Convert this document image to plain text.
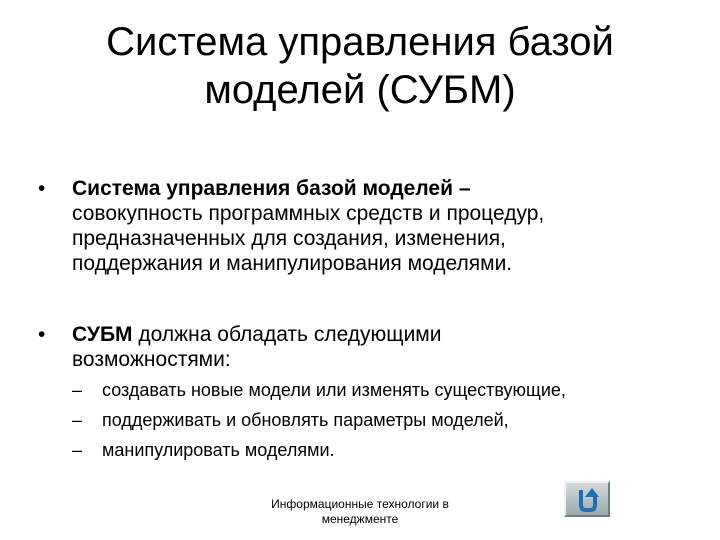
Система управления базой
моделей (СУБМ)
• Система управления базой моделей –
совокупность программных средств и процедур,
предназначенных для создания, изменения,
поддержания и манипулирования моделями.
• СУБМ должна обладать следующими
возможностями:
– создавать новые модели или изменять существующие,
– поддерживать и обновлять параметры моделей,
– манипулировать моделями.
Информационные технологии в
менеджменте
